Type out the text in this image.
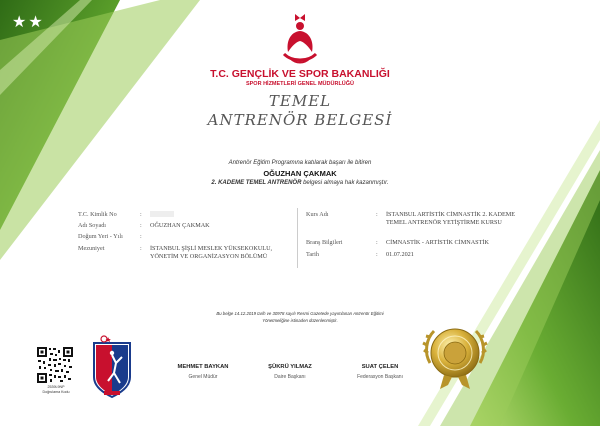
★★
T.C. GENÇLİK VE SPOR BAKANLIĞI
SPOR HİZMETLERİ GENEL MÜDÜRLÜĞÜ
TEMEL
ANTRENÖR BELGESİ
Antrenör Eğitim Programına katılarak başarı ile bitiren
OĞUZHAN ÇAKMAK
2. KADEME TEMEL ANTRENÖR belgesi almaya hak kazanmıştır.
T.C. Kimlik No	:
Adı Soyadı	: OĞUZHAN ÇAKMAK
Doğum Yeri - Yılı	:
Mezuniyet	: İSTANBUL ŞİŞLİ MESLEK YÜKSEKOKULU, YÖNETİM VE ORGANİZASYON BÖLÜMÜ
Kurs Adı	: İSTANBUL ARTİSTİK CİMNASTİK 2. KADEME TEMEL ANTRENÖR YETİŞTİRME KURSU
Branş Bilgileri	: CİMNASTİK - ARTİSTİK CİMNASTİK
Tarih	: 01.07.2021
Bu belge 14.12.2019 tarih ve 30978 sayılı Resmi Gazetede yayımlanan Antrenör Eğitimi
Yönetmeliğine istinaden düzenlenmiştir.
2539L9NP
Doğrulama Kodu
MEHMET BAYKAN
Genel Müdür
ŞÜKRÜ YILMAZ
Daire Başkanı
SUAT ÇELEN
Federasyon Başkanı
